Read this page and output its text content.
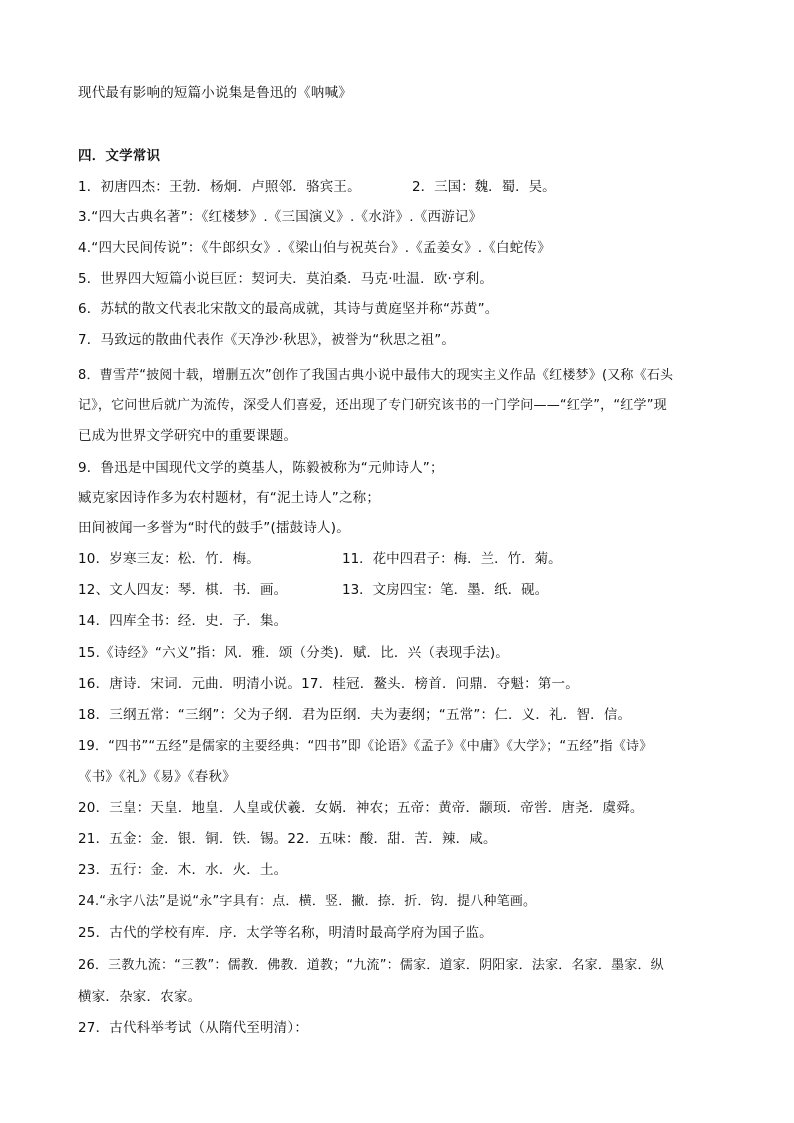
现代最有影响的短篇小说集是鲁迅的《呐喊》
四．文学常识
1．初唐四杰：王勃．杨炯．卢照邻．骆宾王。	2．三国：魏．蜀．吴。
3.“四大古典名著”：《红楼梦》.《三国演义》.《水浒》.《西游记》
4.“四大民间传说”：《牛郎织女》.《梁山伯与祝英台》.《孟姜女》.《白蛇传》
5．世界四大短篇小说巨匠：契诃夫．莫泊桑．马克·吐温．欧·亨利。
6．苏轼的散文代表北宋散文的最高成就，其诗与黄庭坚并称“苏黄”。
7．马致远的散曲代表作《天净沙·秋思》，被誉为“秋思之祖”。
8．曹雪芹“披阅十载，增删五次”创作了我国古典小说中最伟大的现实主义作品《红楼梦》(又称《石头
记》，它问世后就广为流传，深受人们喜爱，还出现了专门研究该书的一门学问——“红学”，“红学”现
已成为世界文学研究中的重要课题。
9．鲁迅是中国现代文学的奠基人，陈毅被称为“元帅诗人”；
臧克家因诗作多为农村题材，有“泥土诗人”之称；
田间被闻一多誉为“时代的鼓手”(擂鼓诗人)。
10．岁寒三友：松．竹．梅。	11．花中四君子：梅．兰．竹．菊。
12、文人四友：琴．棋．书．画。	13．文房四宝：笔．墨．纸．砚。
14．四库全书：经．史．子．集。
15.《诗经》“六义”指：风．雅．颂（分类)．赋．比．兴（表现手法)。
16．唐诗．宋词．元曲．明清小说。17．桂冠．鳌头．榜首．问鼎．夺魁：第一。
18．三纲五常：“三纲”：父为子纲．君为臣纲．夫为妻纲；“五常”：仁．义．礼．智．信。
19．“四书”“五经”是儒家的主要经典：“四书”即《论语》《孟子》《中庸》《大学》；“五经”指《诗》
《书》《礼》《易》《春秋》
20．三皇：天皇．地皇．人皇或伏羲．女娲．神农；五帝：黄帝．颛顼．帝喾．唐尧．虞舜。
21．五金：金．银．铜．铁．锡。22．五味：酸．甜．苦．辣．咸。
23．五行：金．木．水．火．土。
24.“永字八法”是说“永”字具有：点．横．竖．撇．捺．折．钩．提八种笔画。
25．古代的学校有库．序．太学等名称，明清时最高学府为国子监。
26．三教九流：“三教”：儒教．佛教．道教；“九流”：儒家．道家．阴阳家．法家．名家．墨家．纵
横家．杂家．农家。
27．古代科举考试（从隋代至明清）：
